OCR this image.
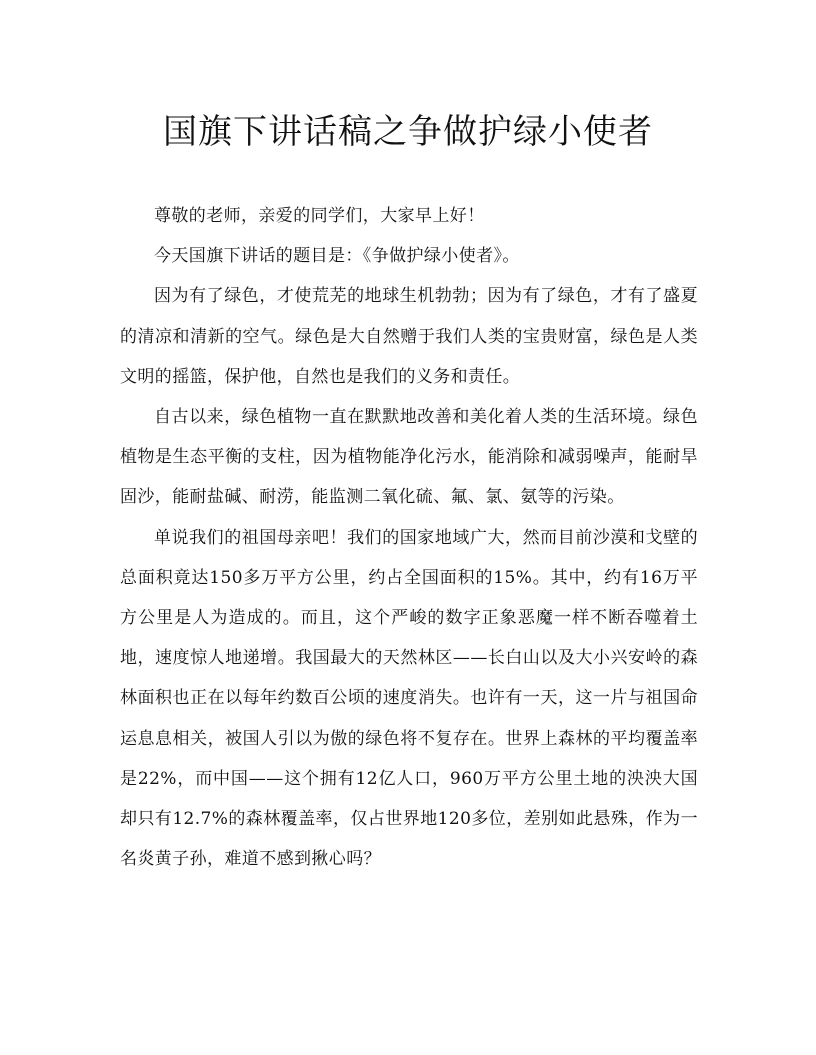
国旗下讲话稿之争做护绿小使者

尊敬的老师，亲爱的同学们，大家早上好！

今天国旗下讲话的题目是：《争做护绿小使者》。

因为有了绿色，才使荒芜的地球生机勃勃；因为有了绿色，才有了盛夏的清凉和清新的空气。绿色是大自然赠于我们人类的宝贵财富，绿色是人类文明的摇篮，保护他，自然也是我们的义务和责任。

自古以来，绿色植物一直在默默地改善和美化着人类的生活环境。绿色植物是生态平衡的支柱，因为植物能净化污水，能消除和减弱噪声，能耐旱固沙，能耐盐碱、耐涝，能监测二氧化硫、氟、氯、氨等的污染。

单说我们的祖国母亲吧！我们的国家地域广大，然而目前沙漠和戈壁的总面积竟达150多万平方公里，约占全国面积的15%。其中，约有16万平方公里是人为造成的。而且，这个严峻的数字正象恶魔一样不断吞噬着土地，速度惊人地递增。我国最大的天然林区——长白山以及大小兴安岭的森林面积也正在以每年约数百公顷的速度消失。也许有一天，这一片与祖国命运息息相关，被国人引以为傲的绿色将不复存在。世界上森林的平均覆盖率是22%，而中国——这个拥有12亿人口，960万平方公里土地的泱泱大国却只有12.7%的森林覆盖率，仅占世界地120多位，差别如此悬殊，作为一名炎黄子孙，难道不感到揪心吗？
